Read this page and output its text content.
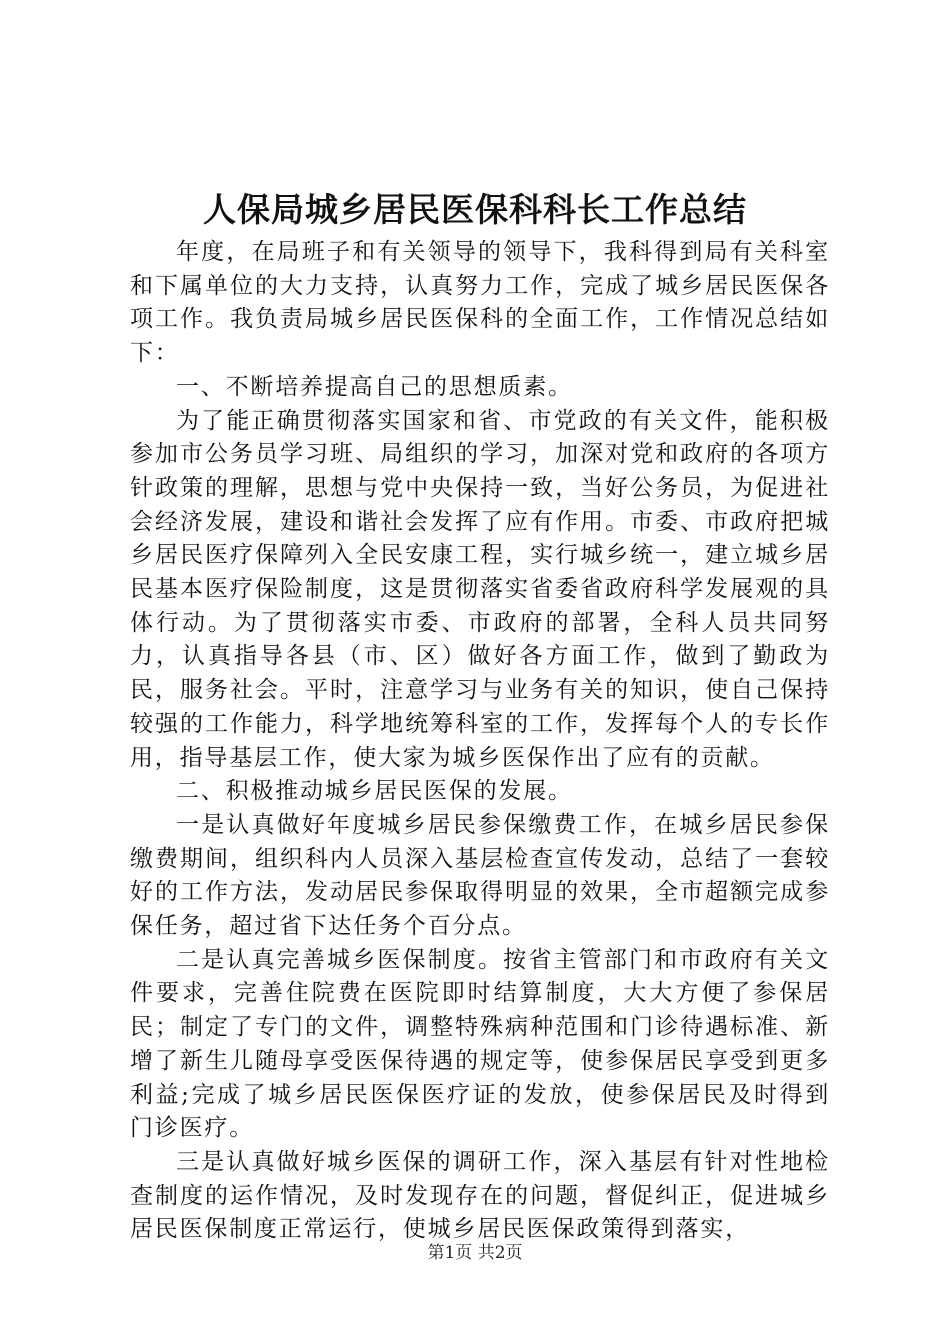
人保局城乡居民医保科科长工作总结

年度，在局班子和有关领导的领导下，我科得到局有关科室和下属单位的大力支持，认真努力工作，完成了城乡居民医保各项工作。我负责局城乡居民医保科的全面工作，工作情况总结如下：

一、不断培养提高自己的思想质素。

为了能正确贯彻落实国家和省、市党政的有关文件，能积极参加市公务员学习班、局组织的学习，加深对党和政府的各项方针政策的理解，思想与党中央保持一致，当好公务员，为促进社会经济发展，建设和谐社会发挥了应有作用。市委、市政府把城乡居民医疗保障列入全民安康工程，实行城乡统一，建立城乡居民基本医疗保险制度，这是贯彻落实省委省政府科学发展观的具体行动。为了贯彻落实市委、市政府的部署，全科人员共同努力，认真指导各县（市、区）做好各方面工作，做到了勤政为民，服务社会。平时，注意学习与业务有关的知识，使自己保持较强的工作能力，科学地统筹科室的工作，发挥每个人的专长作用，指导基层工作，使大家为城乡医保作出了应有的贡献。

二、积极推动城乡居民医保的发展。

一是认真做好年度城乡居民参保缴费工作，在城乡居民参保缴费期间，组织科内人员深入基层检查宣传发动，总结了一套较好的工作方法，发动居民参保取得明显的效果，全市超额完成参保任务，超过省下达任务个百分点。

二是认真完善城乡医保制度。按省主管部门和市政府有关文件要求，完善住院费在医院即时结算制度，大大方便了参保居民；制定了专门的文件，调整特殊病种范围和门诊待遇标准、新增了新生儿随母享受医保待遇的规定等，使参保居民享受到更多利益;完成了城乡居民医保医疗证的发放，使参保居民及时得到门诊医疗。

三是认真做好城乡医保的调研工作，深入基层有针对性地检查制度的运作情况，及时发现存在的问题，督促纠正，促进城乡居民医保制度正常运行，使城乡居民医保政策得到落实，

第1页 共2页
